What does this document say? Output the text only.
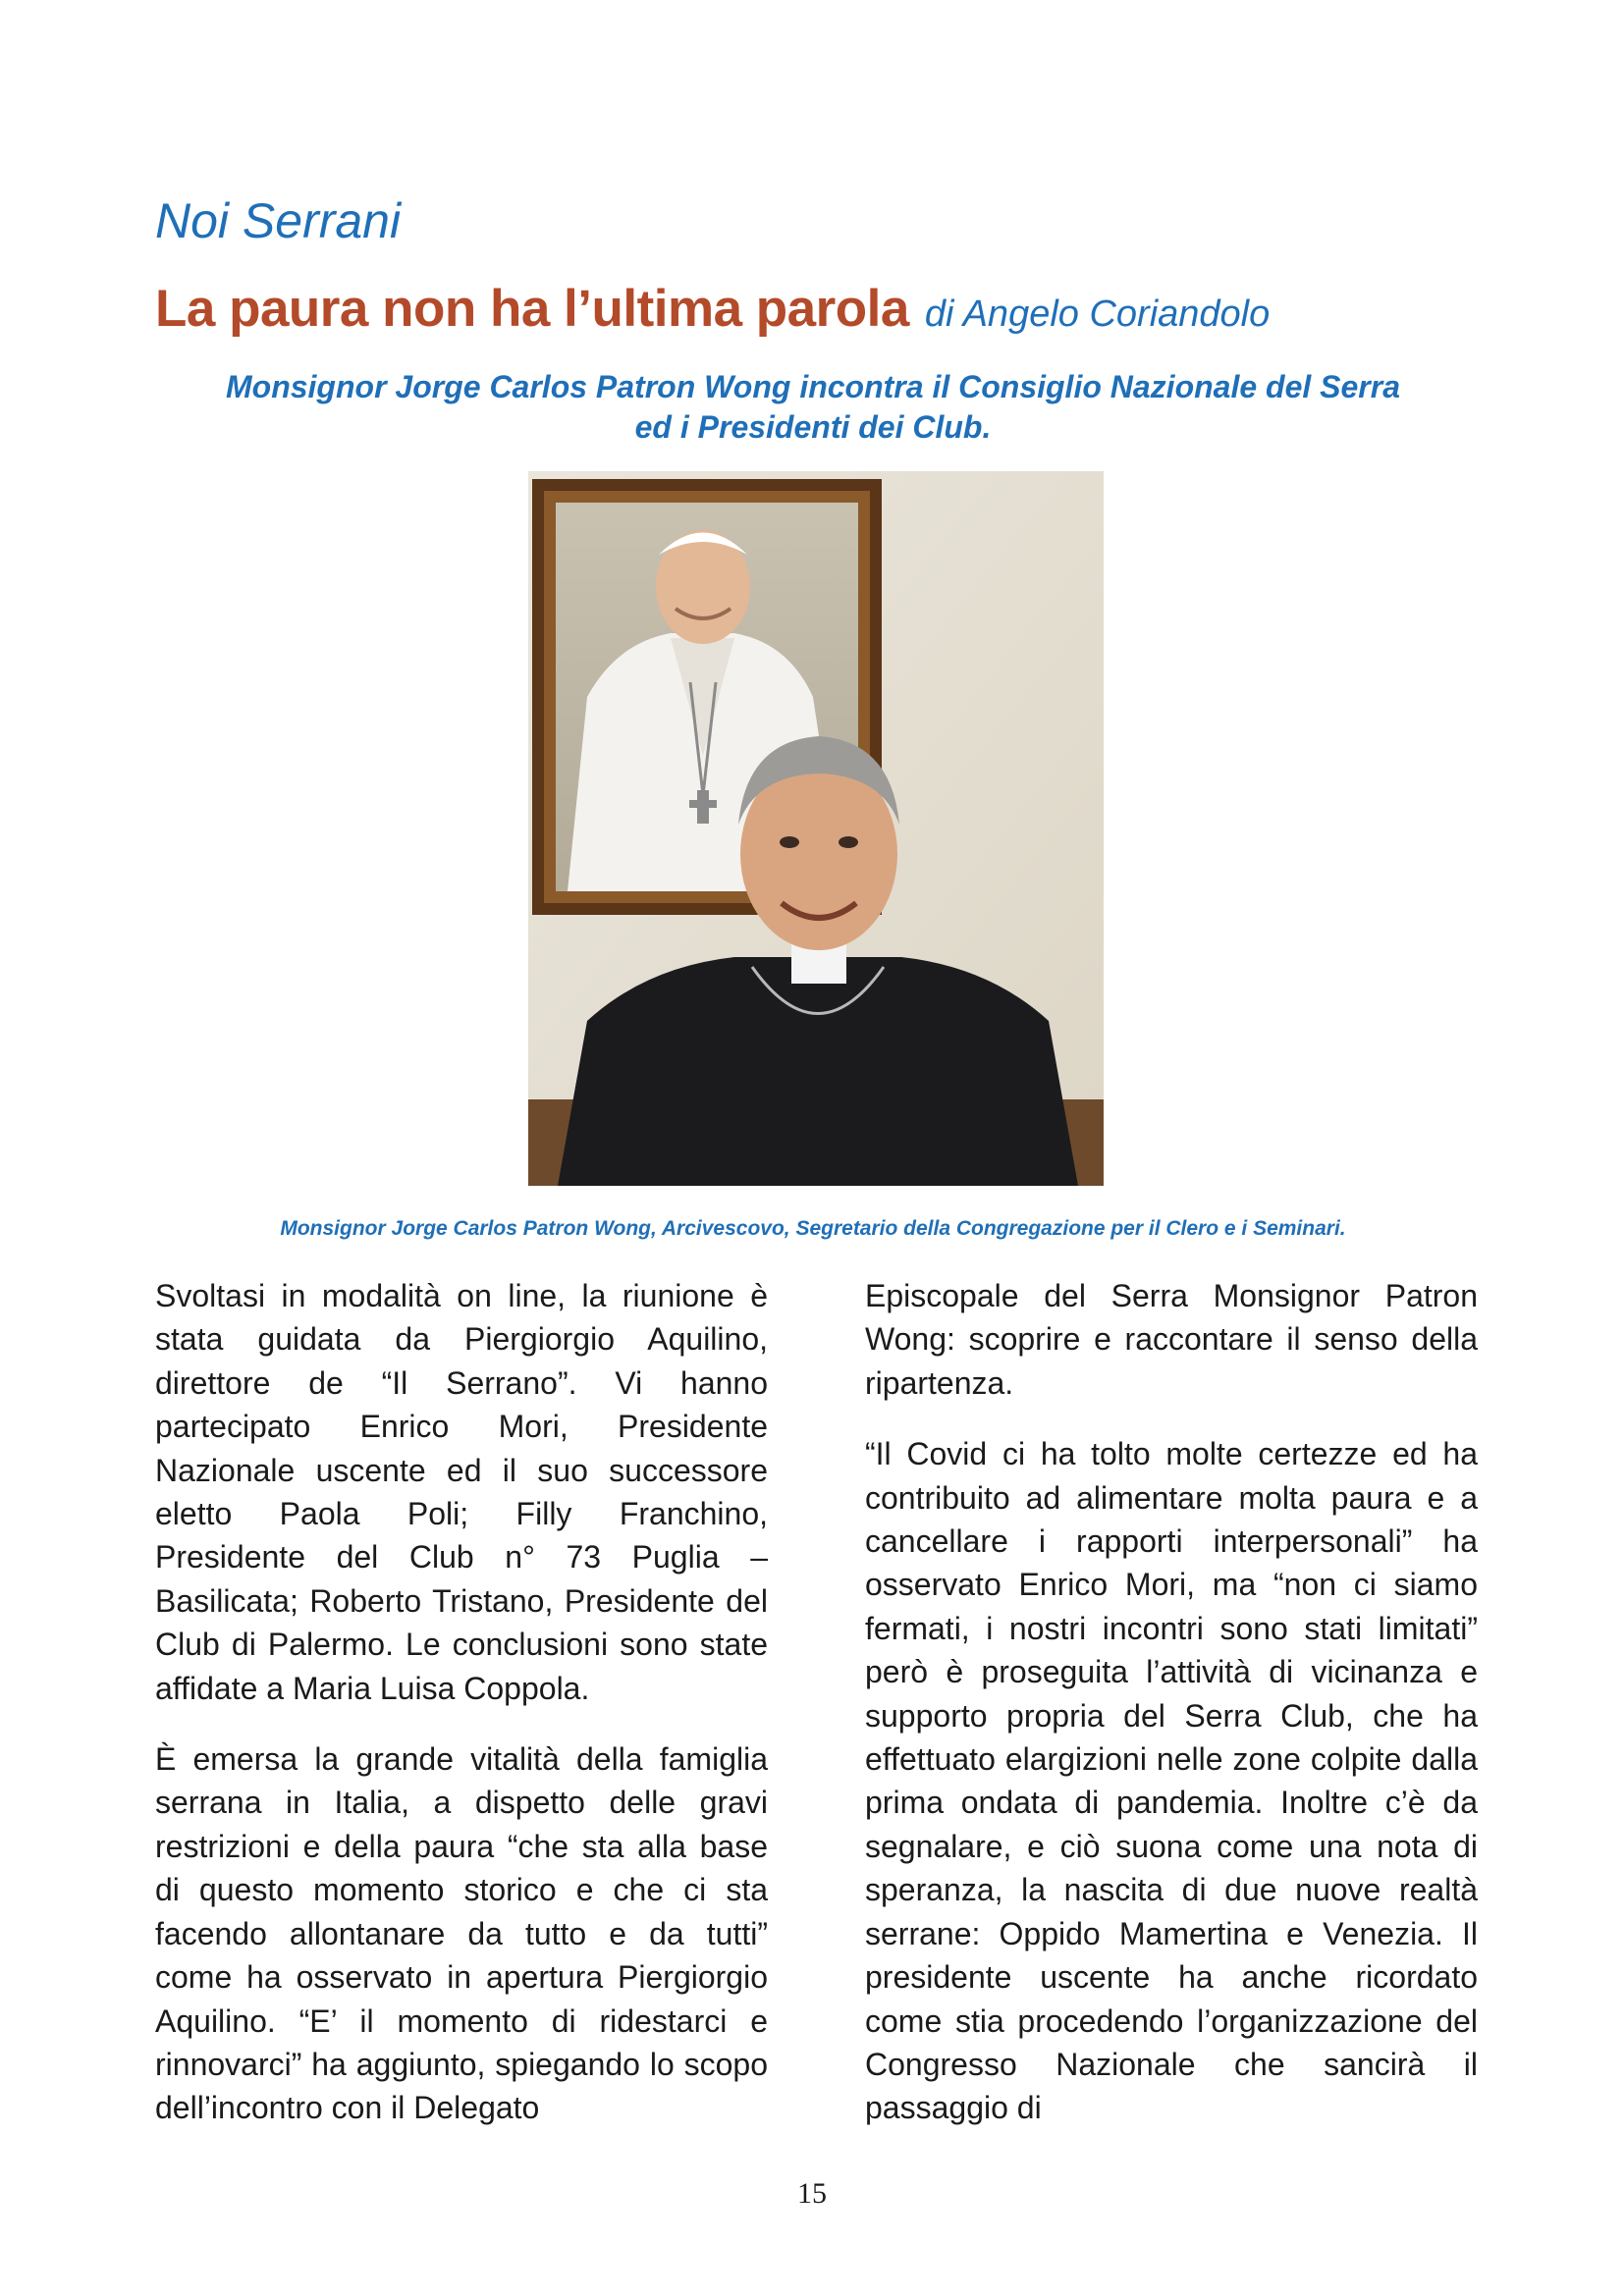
Noi Serrani
La paura non ha l’ultima parola di Angelo Coriandolo
Monsignor Jorge Carlos Patron Wong incontra il Consiglio Nazionale del Serra
ed i Presidenti dei Club.

Monsignor Jorge Carlos Patron Wong, Arcivescovo, Segretario della Congregazione per il Clero e i Seminari.

Svoltasi in modalità on line, la riunione è stata guidata da Piergiorgio Aquilino, direttore de “Il Serrano”. Vi hanno partecipato Enrico Mori, Presidente Nazionale uscente ed il suo successore eletto Paola Poli; Filly Franchino, Presidente del Club n° 73 Puglia – Basilicata; Roberto Tristano, Presidente del Club di Palermo. Le conclusioni sono state affidate a Maria Luisa Coppola.

È emersa la grande vitalità della famiglia serrana in Italia, a dispetto delle gravi restrizioni e della paura “che sta alla base di questo momento storico e che ci sta facendo allontanare da tutto e da tutti” come ha osservato in apertura Piergiorgio Aquilino. “E’ il momento di ridestarci e rinnovarci” ha aggiunto, spiegando lo scopo dell’incontro con il Delegato

Episcopale del Serra Monsignor Patron Wong: scoprire e raccontare il senso della ripartenza.

“Il Covid ci ha tolto molte certezze ed ha contribuito ad alimentare molta paura e a cancellare i rapporti interpersonali” ha osservato Enrico Mori, ma “non ci siamo fermati, i nostri incontri sono stati limitati” però è proseguita l’attività di vicinanza e supporto propria del Serra Club, che ha effettuato elargizioni nelle zone colpite dalla prima ondata di pandemia. Inoltre c’è da segnalare, e ciò suona come una nota di speranza, la nascita di due nuove realtà serrane: Oppido Mamertina e Venezia. Il presidente uscente ha anche ricordato come stia procedendo l’organizzazione del Congresso Nazionale che sancirà il passaggio di

15
